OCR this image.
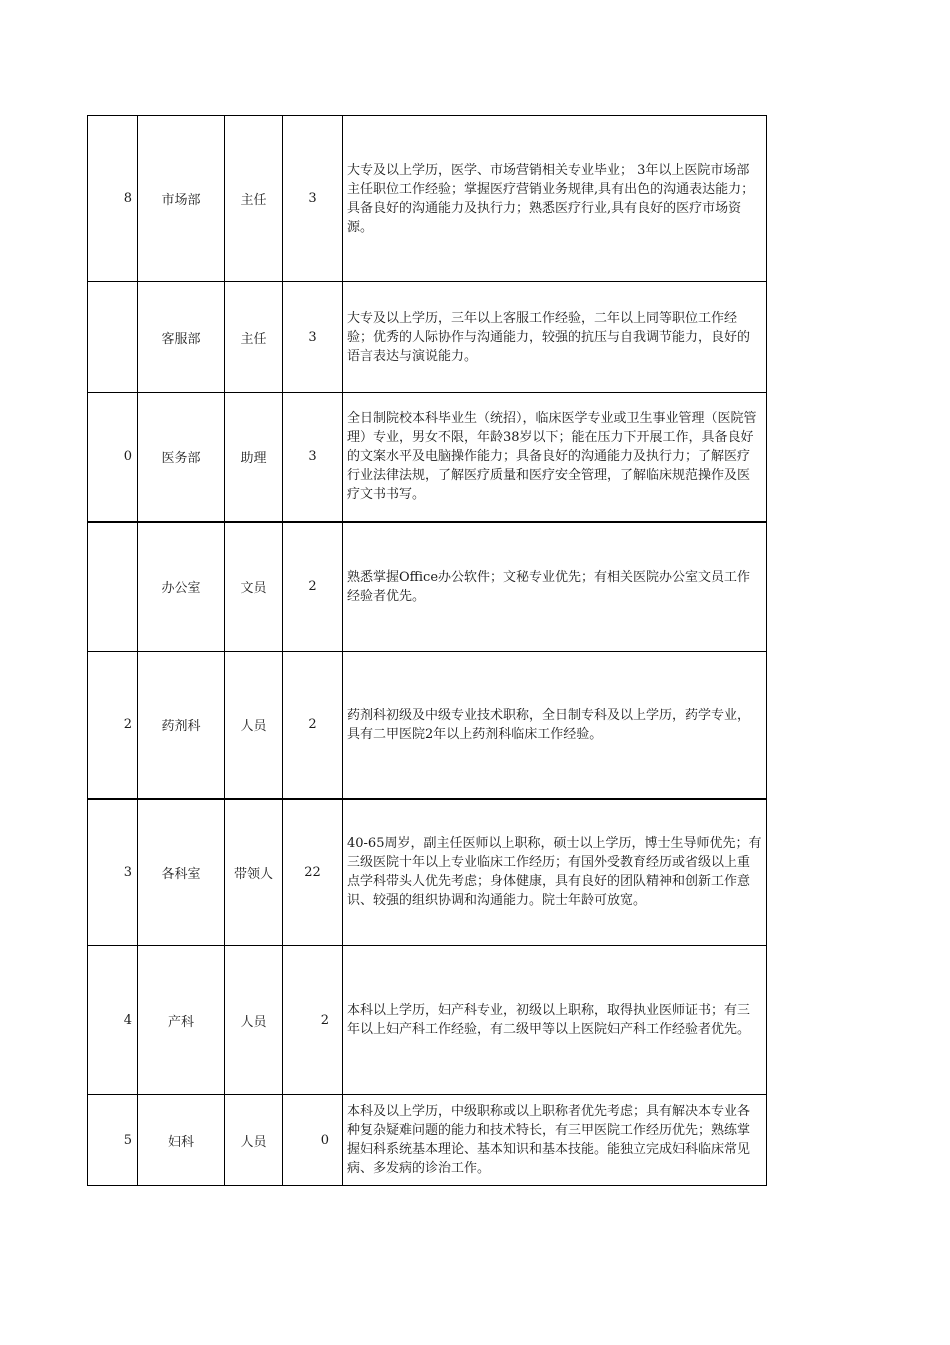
8	市场部	主任	3	大专及以上学历，医学、市场营销相关专业毕业； 3年以上医院市场部主任职位工作经验；掌握医疗营销业务规律,具有出色的沟通表达能力；具备良好的沟通能力及执行力；熟悉医疗行业,具有良好的医疗市场资源。
	客服部	主任	3	大专及以上学历，三年以上客服工作经验，二年以上同等职位工作经验；优秀的人际协作与沟通能力，较强的抗压与自我调节能力，良好的语言表达与演说能力。
0	医务部	助理	3	全日制院校本科毕业生（统招），临床医学专业或卫生事业管理（医院管理）专业，男女不限，年龄38岁以下；能在压力下开展工作，具备良好的文案水平及电脑操作能力；具备良好的沟通能力及执行力；了解医疗行业法律法规，了解医疗质量和医疗安全管理，了解临床规范操作及医疗文书书写。
	办公室	文员	2	熟悉掌握Office办公软件；文秘专业优先；有相关医院办公室文员工作经验者优先。
2	药剂科	人员	2	药剂科初级及中级专业技术职称，全日制专科及以上学历，药学专业，具有二甲医院2年以上药剂科临床工作经验。
3	各科室	带领人	22	40-65周岁，副主任医师以上职称，硕士以上学历，博士生导师优先；有三级医院十年以上专业临床工作经历；有国外受教育经历或省级以上重点学科带头人优先考虑；身体健康，具有良好的团队精神和创新工作意识、较强的组织协调和沟通能力。院士年龄可放宽。
4	产科	人员	2	本科以上学历，妇产科专业，初级以上职称，取得执业医师证书；有三年以上妇产科工作经验，有二级甲等以上医院妇产科工作经验者优先。
5	妇科	人员	0	本科及以上学历，中级职称或以上职称者优先考虑；具有解决本专业各种复杂疑难问题的能力和技术特长，有三甲医院工作经历优先；熟练掌握妇科系统基本理论、基本知识和基本技能。能独立完成妇科临床常见病、多发病的诊治工作。
